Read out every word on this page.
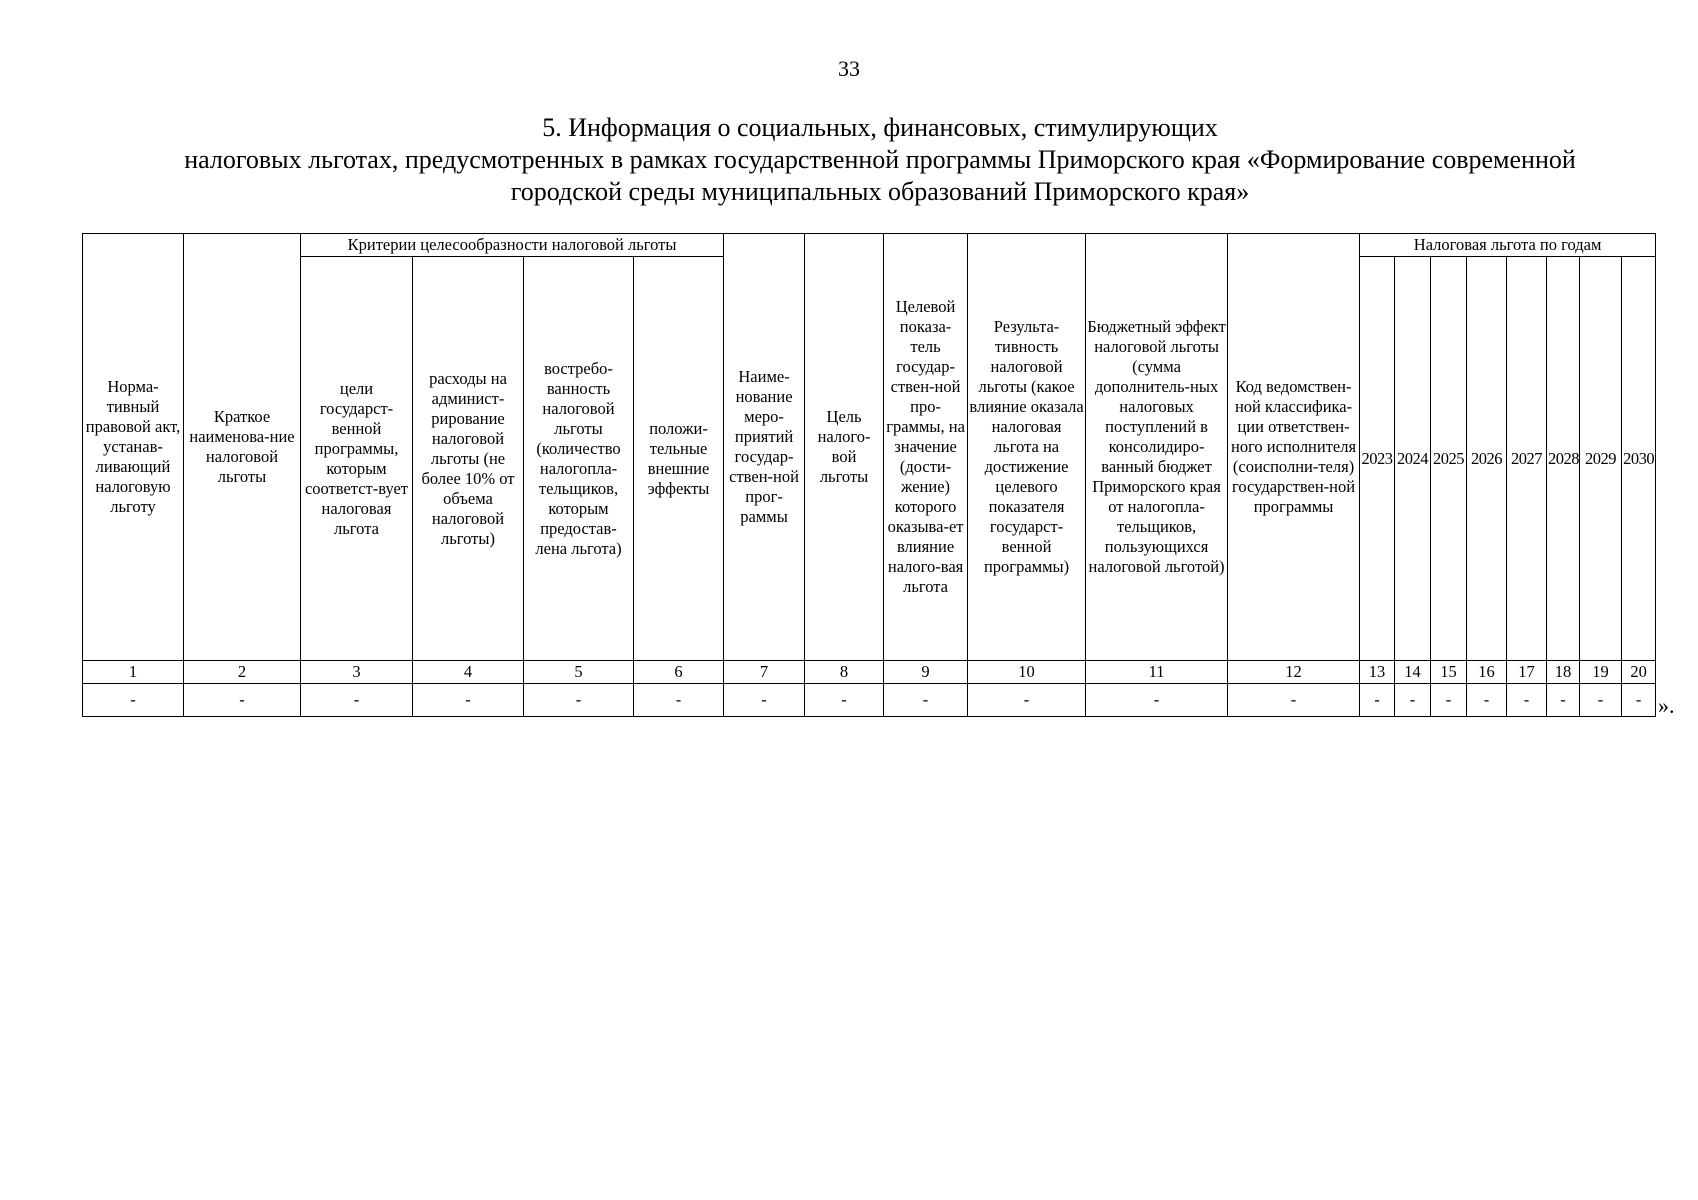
33
5. Информация о социальных, финансовых, стимулирующих
налоговых льготах, предусмотренных в рамках государственной программы Приморского края «Формирование современной
городской среды муниципальных образований Приморского края»
Норма-тивный правовой акт, устанав-ливающий налоговую льготу	Краткое наименова-ние налоговой льготы	Критерии целесообразности налоговой льготы				Наиме-нование меро-приятий государ-ствен-ной прог-раммы	Цель налого-вой льготы	Целевой показа-тель государ-ствен-ной про-граммы, на значение (дости-жение) которого оказыва-ет влияние налого-вая льгота	Результа-тивность налоговой льготы (какое влияние оказала налоговая льгота на достижение целевого показателя государст-венной программы)	Бюджетный эффект налоговой льготы (сумма дополнитель-ных налоговых поступлений в консолидиро-ванный бюджет Приморского края от налогопла-тельщиков, пользующихся налоговой льготой)	Код ведомствен-ной классифика-ции ответствен-ного исполнителя (соисполни-теля) государствен-ной программы	Налоговая льгота по годам							
		цели государст-венной программы, которым соответст-вует налоговая льгота	расходы на админист-рирование налоговой льготы (не более 10% от объема налоговой льготы)	востребо-ванность налоговой льготы (количество налогопла-тельщиков, которым предостав-лена льгота)	положи-тельные внешние эффекты							2023	2024	2025	2026	2027	2028	2029	2030
1	2	3	4	5	6	7	8	9	10	11	12	13	14	15	16	17	18	19	20
-	-	-	-	-	-	-	-	-	-	-	-	-	-	-	-	-	-	-	- ».
